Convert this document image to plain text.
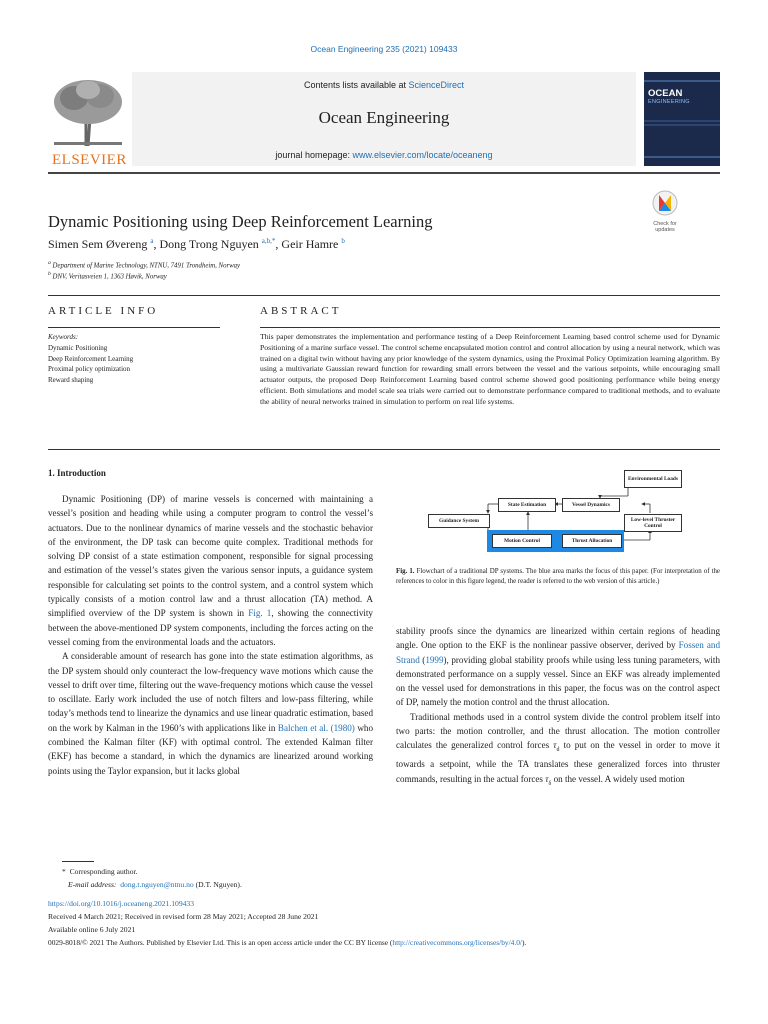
Ocean Engineering 235 (2021) 109433
ELSEVIER
Contents lists available at ScienceDirect
Ocean Engineering
journal homepage: www.elsevier.com/locate/oceaneng
OCEAN
ENGINEERING
Dynamic Positioning using Deep Reinforcement Learning	Check for
updates
Simen Sem Øvereng $^a$, Dong Trong Nguyen $^{a,b,*}$, Geir Hamre $^b$
$^a$ Department of Marine Technology, NTNU, 7491 Trondheim, Norway
$^b$ DNV, Veritasveien 1, 1363 Høvik, Norway
ARTICLE INFO	ABSTRACT
Keywords:
Dynamic Positioning
Deep Reinforcement Learning
Proximal policy optimization
Reward shaping
This paper demonstrates the implementation and performance testing of a Deep Reinforcement Learning based control scheme used for Dynamic Positioning of a marine surface vessel. The control scheme encapsulated motion control and control allocation by using a neural network, which was trained on a digital twin without having any prior knowledge of the system dynamics, using the Proximal Policy Optimization learning algorithm. By using a multivariate Gaussian reward function for rewarding small errors between the vessel and the various setpoints, while encouraging small actuator outputs, the proposed Deep Reinforcement Learning based control scheme showed good positioning performance while being energy efficient. Both simulations and model scale sea trials were carried out to demonstrate performance compared to traditional methods, and to evaluate the ability of neural networks trained in simulation to perform on real life systems.
1. Introduction

Dynamic Positioning (DP) of marine vessels is concerned with maintaining a vessel’s position and heading while using a computer program to control the vessel’s actuators. Due to the nonlinear dynamics of marine vessels and the stochastic behavior of the environment, the DP task can become quite complex. Traditional methods for solving DP consist of a state estimation component, responsible for signal processing and estimation of the vessel’s states given the various sensor inputs, a guidance system responsible for calculating set points to the control system, and a control system which typically consists of a motion control law and a thrust allocation (TA) method. A simplified overview of the DP system is shown in Fig. 1, showing the connectivity between the above-mentioned DP system components, including the forces acting on the vessel coming from the environmental loads and the actuators.

A considerable amount of research has gone into the state estimation algorithms, as the DP system should only counteract the low-frequency wave motions which cause the vessel to drift over time, filtering out the wave-frequency motions which cause the vessel to oscillate. Early work included the use of notch filters and low-pass filtering, while today’s methods tend to linearize the dynamics and use linear quadratic estimation, based on the work by Kalman in the 1960’s with applications like in Balchen et al. (1980) who combined the Kalman filter (KF) with optimal control. The extended Kalman filter (EKF) has become a standard, in which the dynamics are linearized around working points using the Taylor expansion, but it lacks global

Environmental Loads
State Estimation	Vessel Dynamics
Guidance System	Low-level Thruster Control
Motion Control	Thrust Allocation
Fig. 1. Flowchart of a traditional DP systems. The blue area marks the focus of this paper. (For interpretation of the references to color in this figure legend, the reader is referred to the web version of this article.)

stability proofs since the dynamics are linearized within certain regions of heading angle. One option to the EKF is the nonlinear passive observer, derived by Fossen and Strand (1999), providing global stability proofs while using less tuning parameters, with demonstrated performance on a supply vessel. Since an EKF was already implemented on the vessel used for demonstrations in this paper, the focus was on the control aspect of DP, namely the motion control and the thrust allocation.

Traditional methods used in a control system divide the control problem itself into two parts: the motion controller, and the thrust allocation. The motion controller calculates the generalized control forces $\tau_d$ to put on the vessel in order to move it towards a setpoint, while the TA translates these generalized forces into thruster commands, resulting in the actual forces $\tau_\delta$ on the vessel. A widely used motion

* Corresponding author.
E-mail address: dong.t.nguyen@ntnu.no (D.T. Nguyen).
https://doi.org/10.1016/j.oceaneng.2021.109433
Received 4 March 2021; Received in revised form 28 May 2021; Accepted 28 June 2021
Available online 6 July 2021
0029-8018/© 2021 The Authors. Published by Elsevier Ltd. This is an open access article under the CC BY license (http://creativecommons.org/licenses/by/4.0/).
